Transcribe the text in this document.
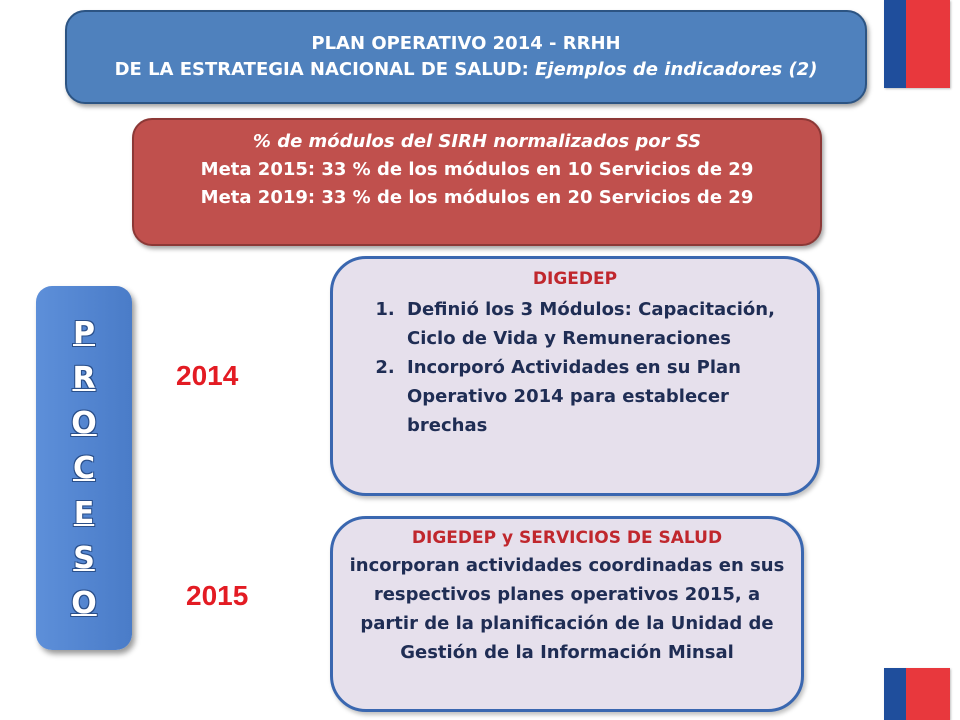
PLAN OPERATIVO 2014 - RRHH
DE LA ESTRATEGIA NACIONAL DE SALUD: Ejemplos de indicadores (2)
% de módulos del SIRH normalizados por SS
Meta 2015: 33 % de los módulos en 10 Servicios de 29
Meta 2019: 33 % de los módulos en 20 Servicios de 29
P
R
O
C
E
S
O
2014
2015
DIGEDEP
1. Definió los 3 Módulos: Capacitación, Ciclo de Vida y Remuneraciones
2. Incorporó Actividades en su Plan Operativo 2014 para establecer brechas
DIGEDEP y SERVICIOS DE SALUD
incorporan actividades coordinadas en sus respectivos planes operativos 2015, a partir de la planificación de la Unidad de Gestión de la Información Minsal
